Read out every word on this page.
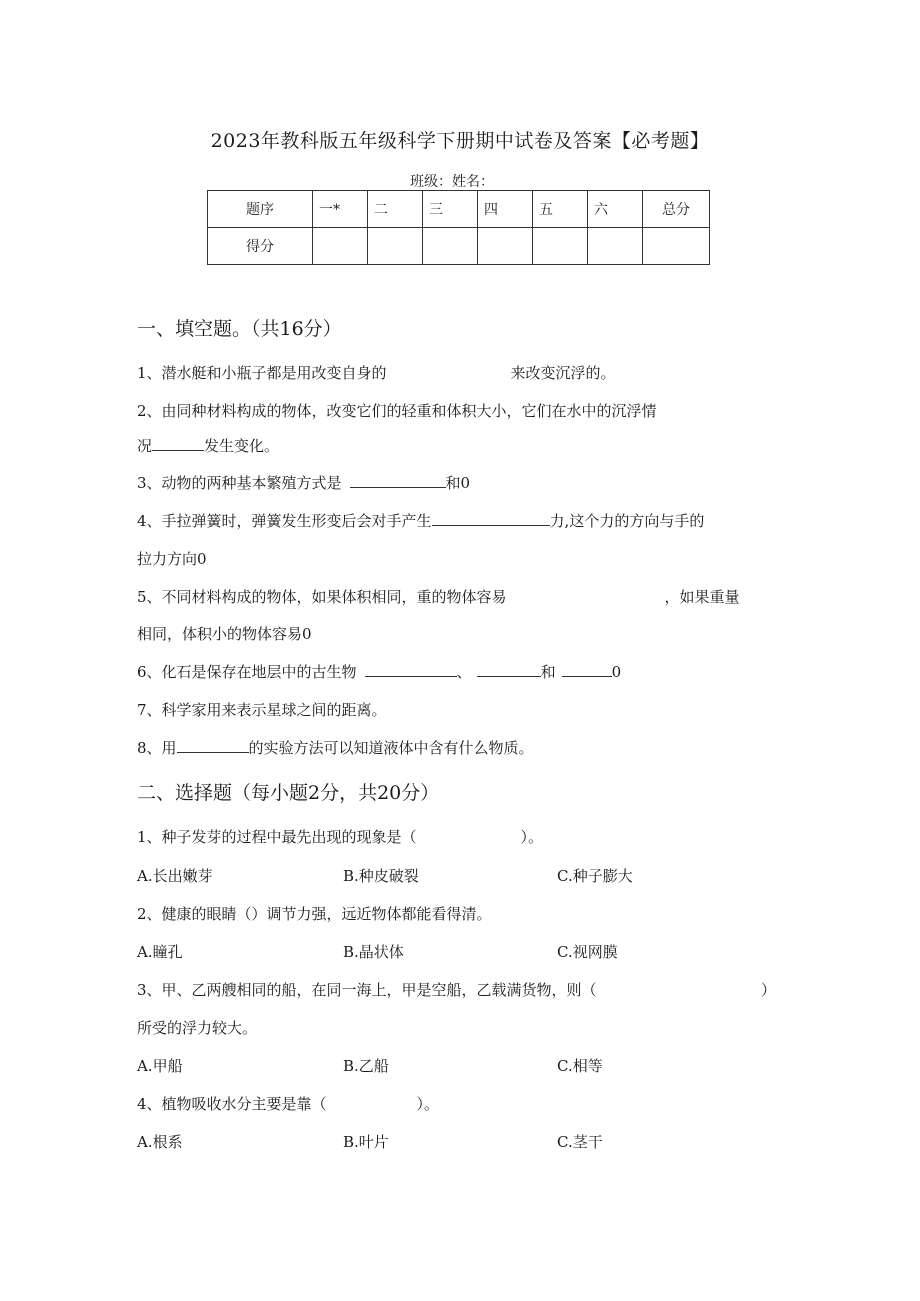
2023年教科版五年级科学下册期中试卷及答案【必考题】
班级：姓名：
题序	一*	二	三	四	五	六	总分
得分							
一、填空题。（共16分）
1、潜水艇和小瓶子都是用改变自身的	来改变沉浮的。
2、由同种材料构成的物体，改变它们的轻重和体积大小，它们在水中的沉浮情
况	发生变化。
3、动物的两种基本繁殖方式是	和0
4、手拉弹簧时，弹簧发生形变后会对手产生	力,这个力的方向与手的
拉力方向0
5、不同材料构成的物体，如果体积相同，重的物体容易	，如果重量
相同，体积小的物体容易0
6、化石是保存在地层中的古生物	、	和	0
7、科学家用来表示星球之间的距离。
8、用	的实验方法可以知道液体中含有什么物质。
二、选择题（每小题2分，共20分）
1、种子发芽的过程中最先出现的现象是（	）。
A.长出嫩芽	B.种皮破裂	C.种子膨大
2、健康的眼睛（）调节力强，远近物体都能看得清。
A.瞳孔	B.晶状体	C.视网膜
3、甲、乙两艘相同的船，在同一海上，甲是空船，乙载满货物，则（	）
所受的浮力较大。
A.甲船	B.乙船	C.相等
4、植物吸收水分主要是靠（	）。
A.根系	B.叶片	C.茎干
